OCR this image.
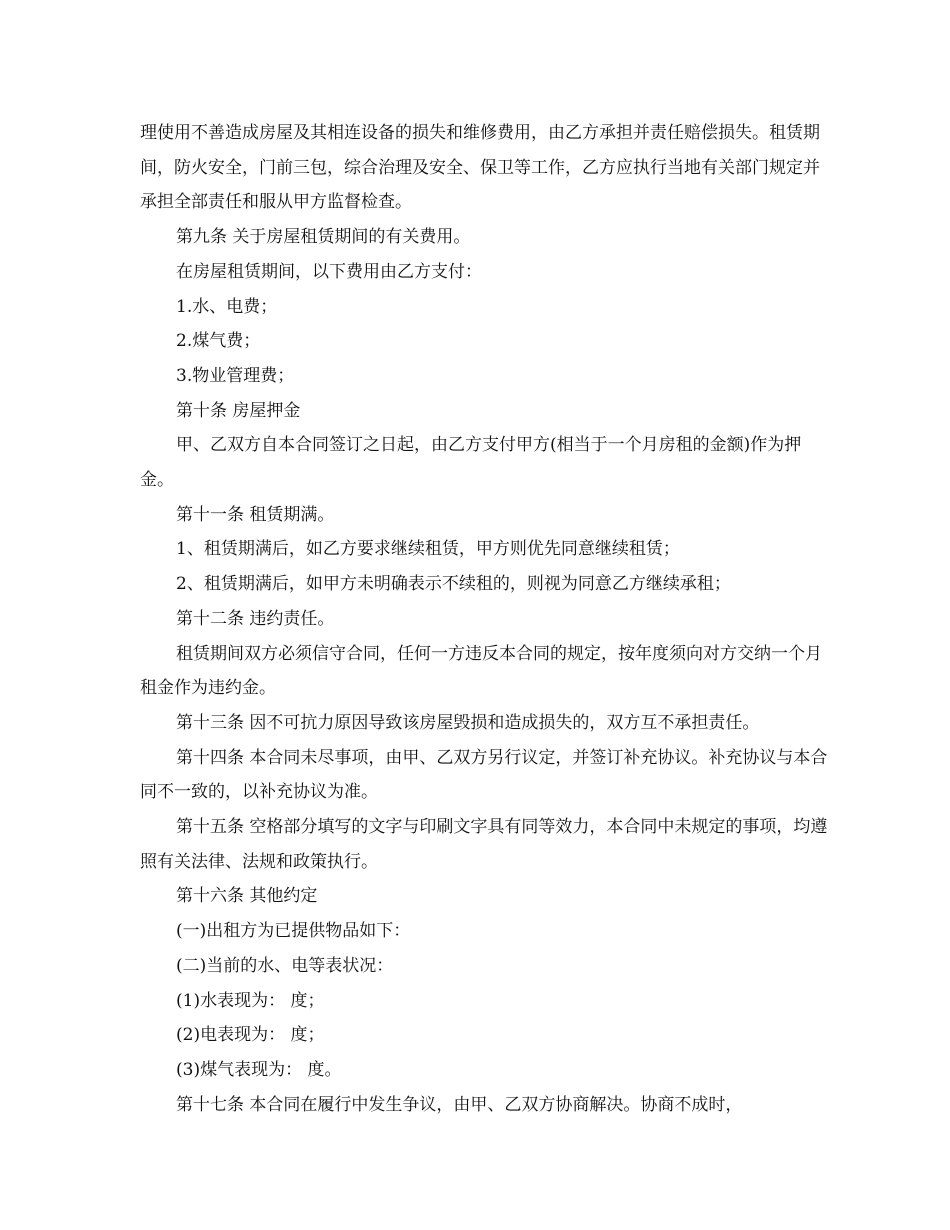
理使用不善造成房屋及其相连设备的损失和维修费用，由乙方承担并责任赔偿损失。租赁期间，防火安全，门前三包，综合治理及安全、保卫等工作，乙方应执行当地有关部门规定并承担全部责任和服从甲方监督检查。

第九条 关于房屋租赁期间的有关费用。

在房屋租赁期间，以下费用由乙方支付：

1.水、电费；

2.煤气费；

3.物业管理费；

第十条 房屋押金

甲、乙双方自本合同签订之日起，由乙方支付甲方(相当于一个月房租的金额)作为押金。

第十一条 租赁期满。

1、租赁期满后，如乙方要求继续租赁，甲方则优先同意继续租赁；

2、租赁期满后，如甲方未明确表示不续租的，则视为同意乙方继续承租；

第十二条 违约责任。

租赁期间双方必须信守合同，任何一方违反本合同的规定，按年度须向对方交纳一个月租金作为违约金。

第十三条 因不可抗力原因导致该房屋毁损和造成损失的，双方互不承担责任。

第十四条 本合同未尽事项，由甲、乙双方另行议定，并签订补充协议。补充协议与本合同不一致的，以补充协议为准。

第十五条 空格部分填写的文字与印刷文字具有同等效力，本合同中未规定的事项，均遵照有关法律、法规和政策执行。

第十六条 其他约定

(一)出租方为已提供物品如下：

(二)当前的水、电等表状况：

(1)水表现为： 度；

(2)电表现为： 度；

(3)煤气表现为： 度。

第十七条 本合同在履行中发生争议，由甲、乙双方协商解决。协商不成时，
